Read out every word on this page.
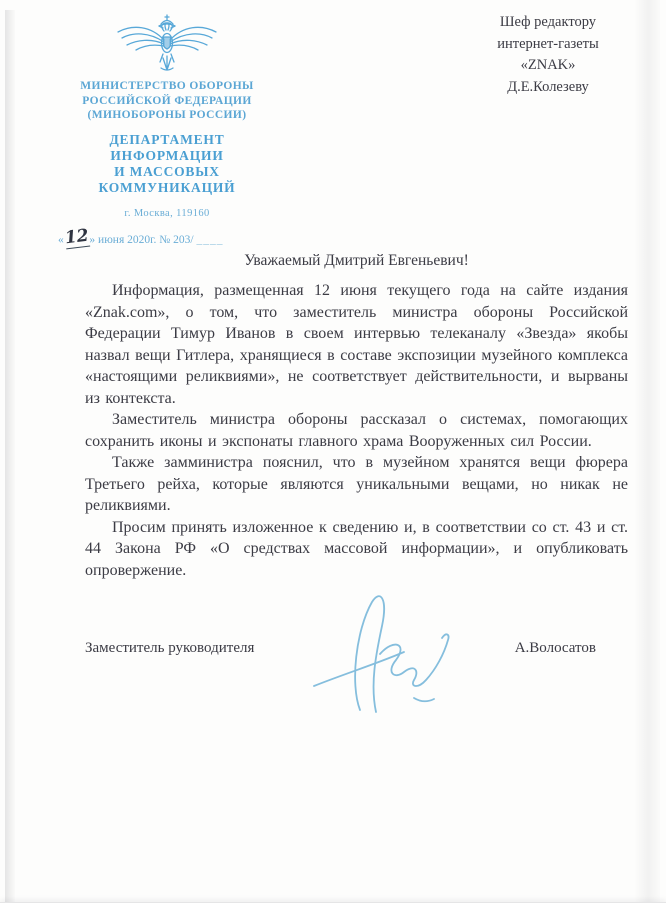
МИНИСТЕРСТВО ОБОРОНЫ
РОССИЙСКОЙ ФЕДЕРАЦИИ
(МИНОБОРОНЫ РОССИИ)
ДЕПАРТАМЕНТ
ИНФОРМАЦИИ
И МАССОВЫХ
КОММУНИКАЦИЙ
г. Москва, 119160
«12» июня 2020г. № 203/ ____
Шеф редактору
интернет-газеты
«ZNAK»
Д.Е.Колезеву
Уважаемый Дмитрий Евгеньевич!

Информация, размещенная 12 июня текущего года на сайте издания «Znak.com», о том, что заместитель министра обороны Российской Федерации Тимур Иванов в своем интервью телеканалу «Звезда» якобы назвал вещи Гитлера, хранящиеся в составе экспозиции музейного комплекса «настоящими реликвиями», не соответствует действительности, и вырваны из контекста.

Заместитель министра обороны рассказал о системах, помогающих сохранить иконы и экспонаты главного храма Вооруженных сил России.

Также замминистра пояснил, что в музейном хранятся вещи фюрера Третьего рейха, которые являются уникальными вещами, но никак не реликвиями.

Просим принять изложенное к сведению и, в соответствии со ст. 43 и ст. 44 Закона РФ «О средствах массовой информации», и опубликовать опровержение.

Заместитель руководителя	А.Волосатов
